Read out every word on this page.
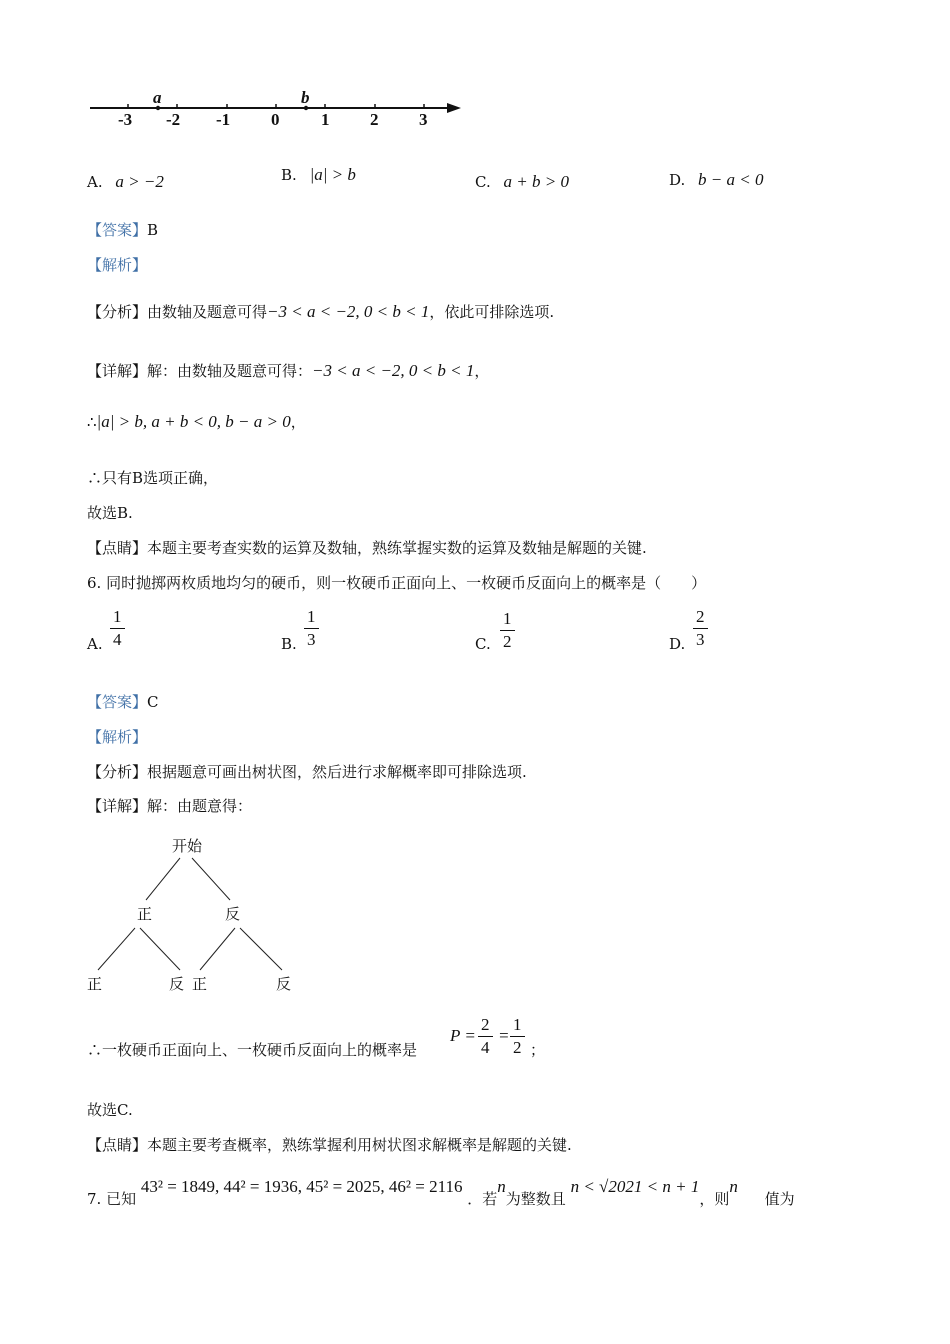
-3 -2 -1 0 1 2 3
a	b
A. a > −2	B. |a| > b	C. a + b > 0	D. b − a < 0
【答案】B
【解析】
【分析】由数轴及题意可得−3 < a < −2, 0 < b < 1，依此可排除选项.
【详解】解：由数轴及题意可得：−3 < a < −2, 0 < b < 1，
∴|a| > b, a + b < 0, b − a > 0，
∴只有B选项正确，
故选B.
【点睛】本题主要考查实数的运算及数轴，熟练掌握实数的运算及数轴是解题的关键.
6. 同时抛掷两枚质地均匀的硬币，则一枚硬币正面向上、一枚硬币反面向上的概率是（　　）
A. $\frac{1}{4}$	B. $\frac{1}{3}$	C. $\frac{1}{2}$	D. $\frac{2}{3}$
【答案】C
【解析】
【分析】根据题意可画出树状图，然后进行求解概率即可排除选项.
【详解】解：由题意得：
开始
正	反
正	反 正	反
∴一枚硬币正面向上、一枚硬币反面向上的概率是
$P = \frac{2}{4} = \frac{1}{2}$ ；
故选C.
【点睛】本题主要考查概率，熟练掌握利用树状图求解概率是解题的关键.
7. 已知 43² = 1849, 44² = 1936, 45² = 2025, 46² = 2116 ．若n为整数且 n < √2021 < n + 1，则n 值为
